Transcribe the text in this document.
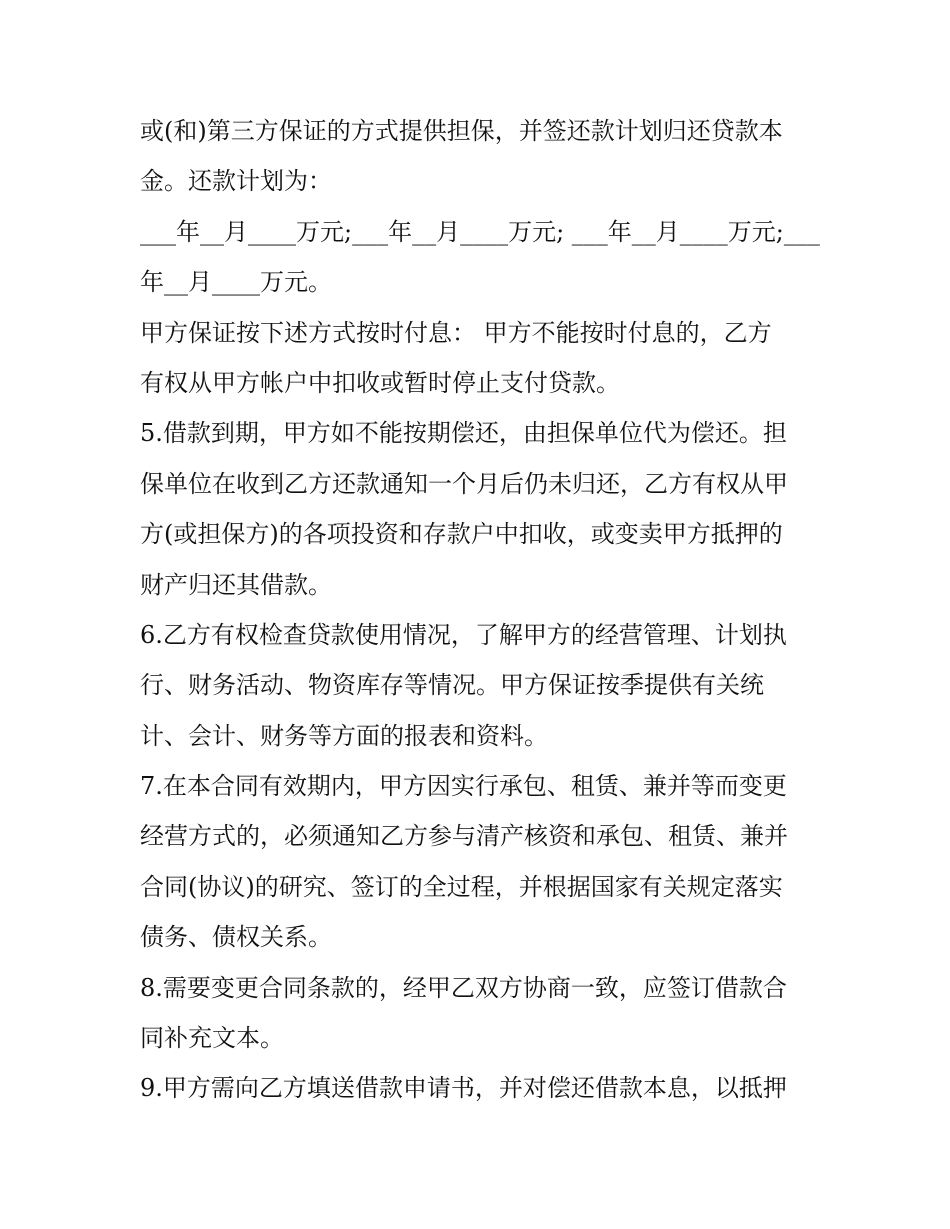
或(和)第三方保证的方式提供担保，并签还款计划归还贷款本
金。还款计划为：
___年__月____万元;___年__月____万元; ___年__月____万元;___
年__月____万元。
甲方保证按下述方式按时付息： 甲方不能按时付息的，乙方
有权从甲方帐户中扣收或暂时停止支付贷款。
5.借款到期，甲方如不能按期偿还，由担保单位代为偿还。担
保单位在收到乙方还款通知一个月后仍未归还，乙方有权从甲
方(或担保方)的各项投资和存款户中扣收，或变卖甲方抵押的
财产归还其借款。
6.乙方有权检查贷款使用情况，了解甲方的经营管理、计划执
行、财务活动、物资库存等情况。甲方保证按季提供有关统
计、会计、财务等方面的报表和资料。
7.在本合同有效期内，甲方因实行承包、租赁、兼并等而变更
经营方式的，必须通知乙方参与清产核资和承包、租赁、兼并
合同(协议)的研究、签订的全过程，并根据国家有关规定落实
债务、债权关系。
8.需要变更合同条款的，经甲乙双方协商一致，应签订借款合
同补充文本。
9.甲方需向乙方填送借款申请书，并对偿还借款本息，以抵押
